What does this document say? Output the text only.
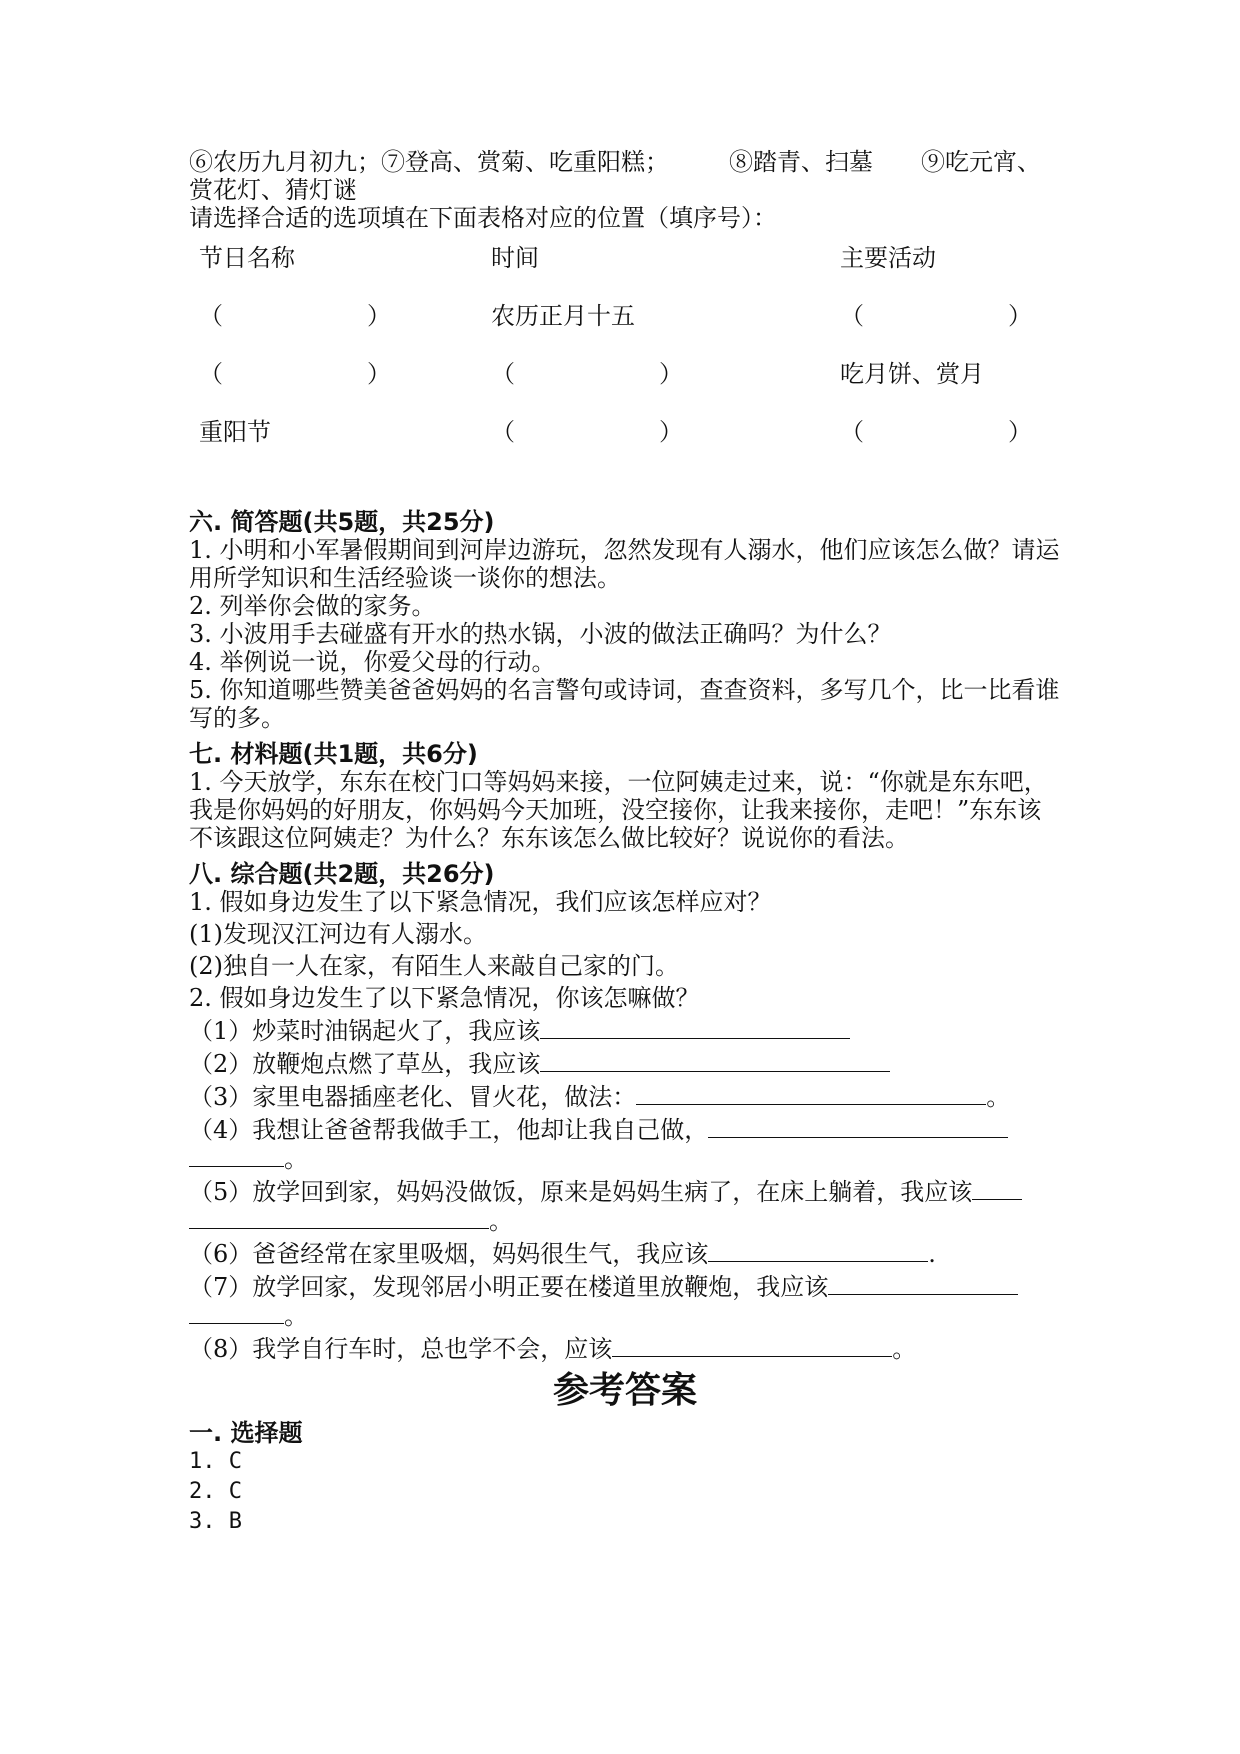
⑥农历九月初九；⑦登高、赏菊、吃重阳糕；　　　⑧踏青、扫墓　　⑨吃元宵、赏花灯、猜灯谜

请选择合适的选项填在下面表格对应的位置（填序号）：

节日名称	时间	主要活动
（　　　　　　）	农历正月十五	（　　　　　　）
（　　　　　　）	（　　　　　　）	吃月饼、赏月
重阳节	（　　　　　　）	（　　　　　　）
六. 简答题(共5题，共25分)

1. 小明和小军暑假期间到河岸边游玩，忽然发现有人溺水，他们应该怎么做？请运用所学知识和生活经验谈一谈你的想法。

2. 列举你会做的家务。

3. 小波用手去碰盛有开水的热水锅，小波的做法正确吗？为什么？

4. 举例说一说，你爱父母的行动。

5. 你知道哪些赞美爸爸妈妈的名言警句或诗词，查查资料，多写几个，比一比看谁写的多。

七. 材料题(共1题，共6分)

1. 今天放学，东东在校门口等妈妈来接，一位阿姨走过来，说：“你就是东东吧，  我是你妈妈的好朋友，你妈妈今天加班，没空接你，让我来接你，走吧！”东东该不该跟这位阿姨走？为什么？东东该怎么做比较好？说说你的看法。

八. 综合题(共2题，共26分)

1. 假如身边发生了以下紧急情况，我们应该怎样应对？

(1)发现汉江河边有人溺水。

(2)独自一人在家，有陌生人来敲自己家的门。

2. 假如身边发生了以下紧急情况，你该怎嘛做？

（1）炒菜时油锅起火了，我应该

（2）放鞭炮点燃了草丛，我应该

（3）家里电器插座老化、冒火花，做法：	。

（4）我想让爸爸帮我做手工，他却让我自己做，
。

（5）放学回到家，妈妈没做饭，原来是妈妈生病了，在床上躺着，我应该
。

（6）爸爸经常在家里吸烟，妈妈很生气，我应该	.

（7）放学回家，发现邻居小明正要在楼道里放鞭炮，我应该
。

（8）我学自行车时，总也学不会，应该	。

参考答案
一. 选择题

1. C

2. C

3. B
